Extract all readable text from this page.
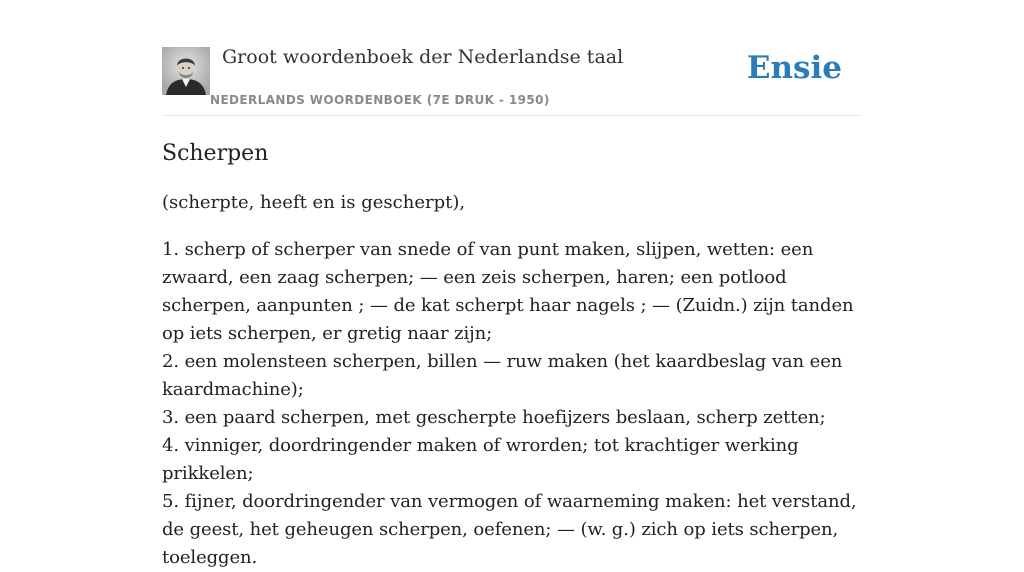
Groot woordenboek der Nederlandse taal
NEDERLANDS WOORDENBOEK (7E DRUK - 1950)
Ensie
Scherpen

(scherpte, heeft en is gescherpt),

1. scherp of scherper van snede of van punt maken, slijpen, wetten: een zwaard, een zaag scherpen; — een zeis scherpen, haren; een potlood scherpen, aanpunten ; — de kat scherpt haar nagels ; — (Zuidn.) zijn tanden op iets scherpen, er gretig naar zijn;
2. een molensteen scherpen, billen — ruw maken (het kaardbeslag van een kaardmachine);
3. een paard scherpen, met gescherpte hoefijzers beslaan, scherp zetten;
4. vinniger, doordringender maken of wrorden; tot krachtiger werking prikkelen;
5. fijner, doordringender van vermogen of waarneming maken: het verstand, de geest, het geheugen scherpen, oefenen; — (w. g.) zich op iets scherpen, toeleggen.
